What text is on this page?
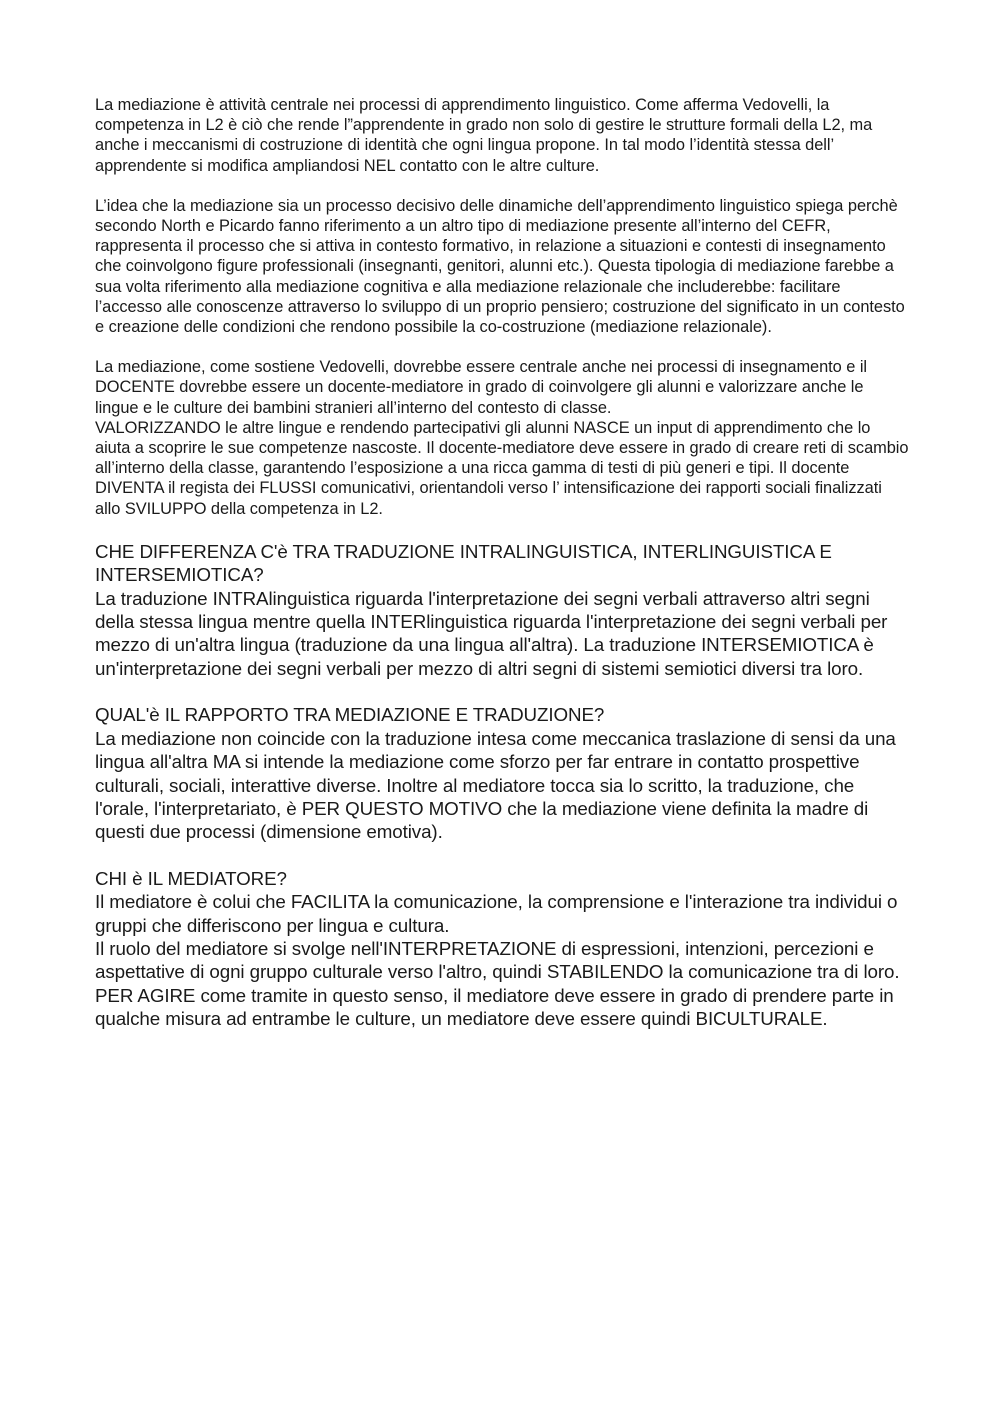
La mediazione è attività centrale nei processi di apprendimento linguistico. Come afferma Vedovelli, la competenza in L2 è ciò che rende l”apprendente in grado non solo di gestire le strutture formali della L2, ma anche i meccanismi di costruzione di identità che ogni lingua propone. In tal modo l’identità stessa dell’ apprendente si modifica ampliandosi NEL contatto con le altre culture.

L’idea che la mediazione sia un processo decisivo delle dinamiche dell’apprendimento linguistico spiega perchè secondo North e Picardo fanno riferimento a un altro tipo di mediazione presente all’interno del CEFR, rappresenta il processo che si attiva in contesto formativo, in relazione a situazioni e contesti di insegnamento che coinvolgono figure professionali (insegnanti, genitori, alunni etc.). Questa tipologia di mediazione farebbe a sua volta riferimento alla mediazione cognitiva e alla mediazione relazionale che includerebbe: facilitare l’accesso alle conoscenze attraverso lo sviluppo di un proprio pensiero; costruzione del significato in un contesto e creazione delle condizioni che rendono possibile la co-costruzione (mediazione relazionale).

La mediazione, come sostiene Vedovelli, dovrebbe essere centrale anche nei processi di insegnamento e il DOCENTE dovrebbe essere un docente-mediatore in grado di coinvolgere gli alunni e valorizzare anche le lingue e le culture dei bambini stranieri all’interno del contesto di classe.

VALORIZZANDO le altre lingue e rendendo partecipativi gli alunni NASCE un input di apprendimento che lo aiuta a scoprire le sue competenze nascoste. Il docente-mediatore deve essere in grado di creare reti di scambio all’interno della classe, garantendo l’esposizione a una ricca gamma di testi di più generi e tipi. Il docente DIVENTA il regista dei FLUSSI comunicativi, orientandoli verso l’ intensificazione dei rapporti sociali finalizzati allo SVILUPPO della competenza in L2.

CHE DIFFERENZA C'è TRA TRADUZIONE INTRALINGUISTICA, INTERLINGUISTICA E INTERSEMIOTICA?

La traduzione INTRAlinguistica riguarda l'interpretazione dei segni verbali attraverso altri segni della stessa lingua mentre quella INTERlinguistica riguarda l'interpretazione dei segni verbali per mezzo di un'altra lingua (traduzione da una lingua all'altra). La traduzione INTERSEMIOTICA è un'interpretazione dei segni verbali per mezzo di altri segni di sistemi semiotici diversi tra loro.

QUAL'è IL RAPPORTO TRA MEDIAZIONE E TRADUZIONE?

La mediazione non coincide con la traduzione intesa come meccanica traslazione di sensi da una lingua all'altra MA si intende la mediazione come sforzo per far entrare in contatto prospettive culturali, sociali, interattive diverse. Inoltre al mediatore tocca sia lo scritto, la traduzione, che l'orale, l'interpretariato, è PER QUESTO MOTIVO che la mediazione viene definita la madre di questi due processi (dimensione emotiva).

CHI è IL MEDIATORE?

Il mediatore è colui che FACILITA la comunicazione, la comprensione e l'interazione tra individui o gruppi che differiscono per lingua e cultura.

Il ruolo del mediatore si svolge nell'INTERPRETAZIONE di espressioni, intenzioni, percezioni e aspettative di ogni gruppo culturale verso l'altro, quindi STABILENDO la comunicazione tra di loro. PER AGIRE come tramite in questo senso, il mediatore deve essere in grado di prendere parte in qualche misura ad entrambe le culture, un mediatore deve essere quindi BICULTURALE.
